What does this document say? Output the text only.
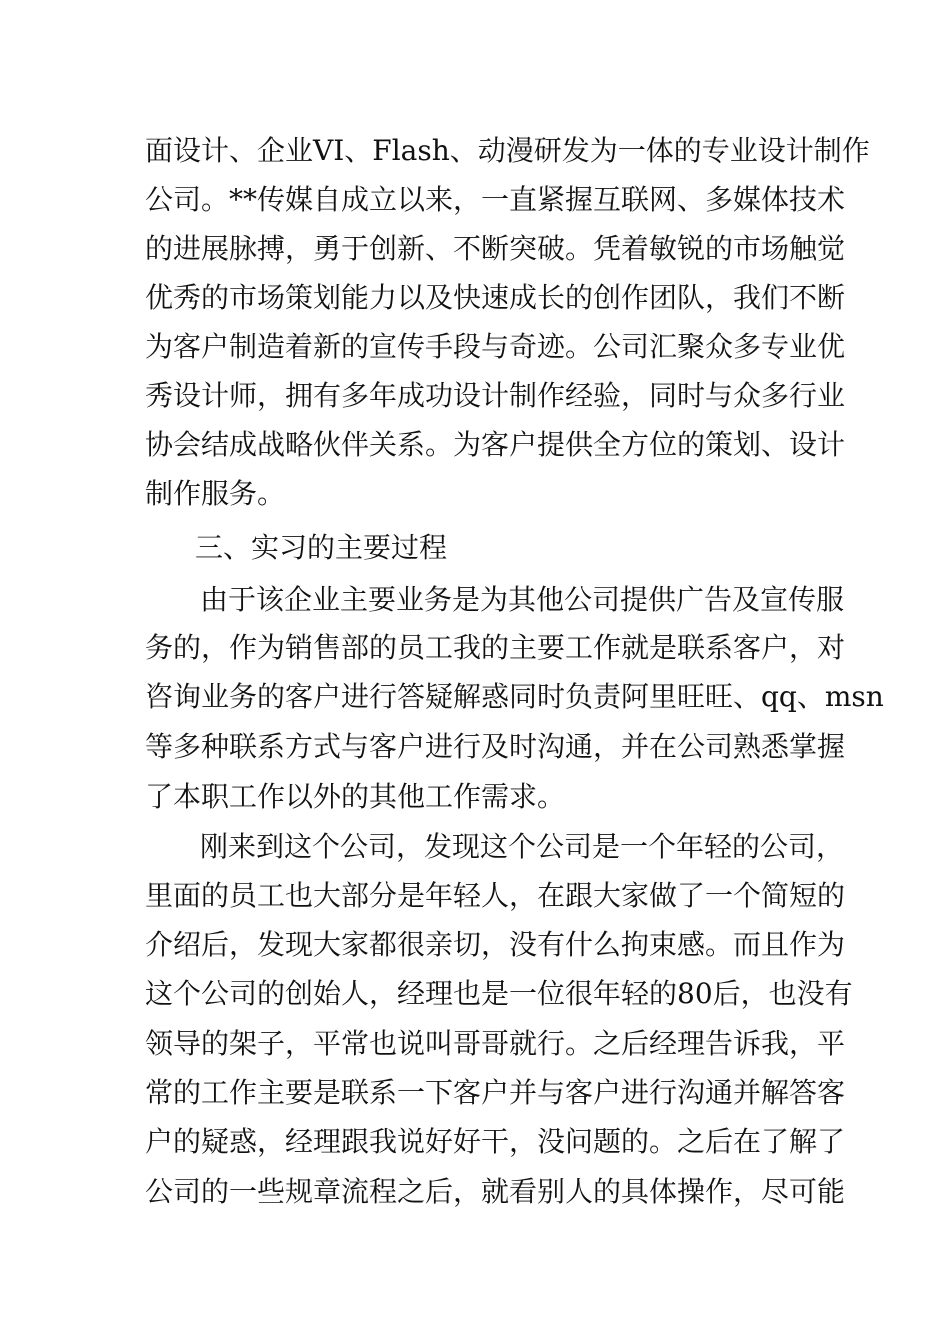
面设计、企业VI、Flash、动漫研发为一体的专业设计制作
公司。**传媒自成立以来，一直紧握互联网、多媒体技术
的进展脉搏，勇于创新、不断突破。凭着敏锐的市场触觉
优秀的市场策划能力以及快速成长的创作团队，我们不断
为客户制造着新的宣传手段与奇迹。公司汇聚众多专业优
秀设计师，拥有多年成功设计制作经验，同时与众多行业
协会结成战略伙伴关系。为客户提供全方位的策划、设计
制作服务。
三、实习的主要过程
由于该企业主要业务是为其他公司提供广告及宣传服
务的，作为销售部的员工我的主要工作就是联系客户，对
咨询业务的客户进行答疑解惑同时负责阿里旺旺、qq、msn
等多种联系方式与客户进行及时沟通，并在公司熟悉掌握
了本职工作以外的其他工作需求。
刚来到这个公司，发现这个公司是一个年轻的公司，
里面的员工也大部分是年轻人，在跟大家做了一个简短的
介绍后，发现大家都很亲切，没有什么拘束感。而且作为
这个公司的创始人，经理也是一位很年轻的80后，也没有
领导的架子，平常也说叫哥哥就行。之后经理告诉我，平
常的工作主要是联系一下客户并与客户进行沟通并解答客
户的疑惑，经理跟我说好好干，没问题的。之后在了解了
公司的一些规章流程之后，就看别人的具体操作，尽可能
